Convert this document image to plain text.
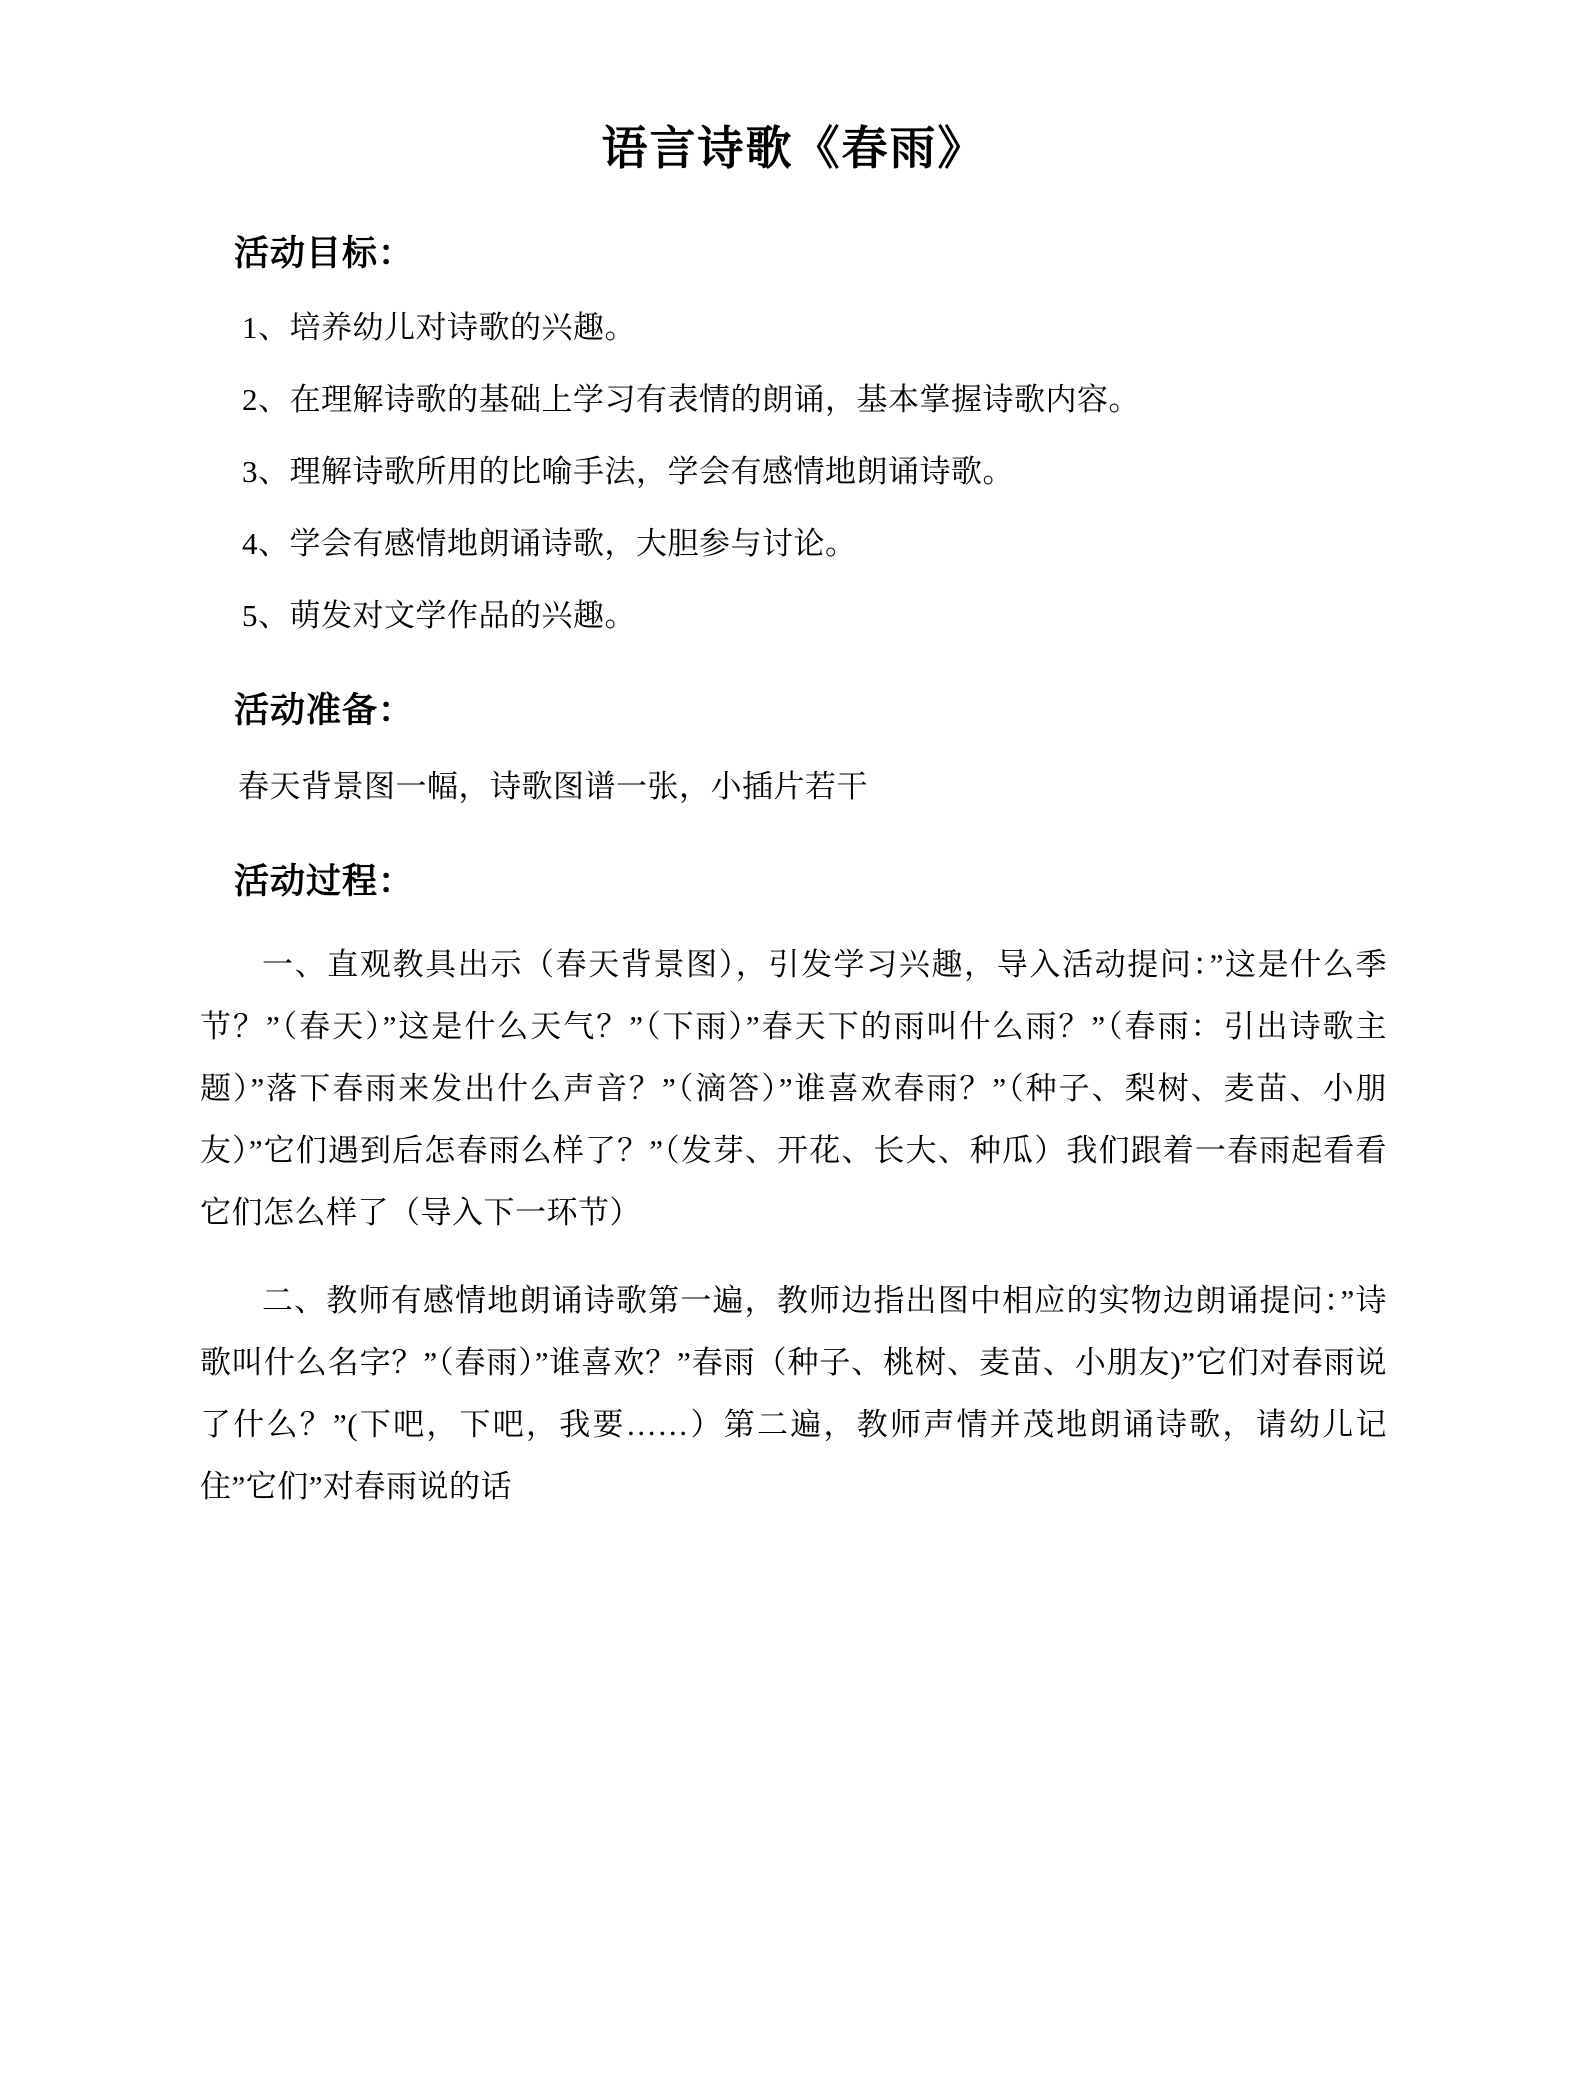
语言诗歌《春雨》
活动目标：

1、培养幼儿对诗歌的兴趣。

2、在理解诗歌的基础上学习有表情的朗诵，基本掌握诗歌内容。

3、理解诗歌所用的比喻手法，学会有感情地朗诵诗歌。

4、学会有感情地朗诵诗歌，大胆参与讨论。

5、萌发对文学作品的兴趣。

活动准备：

春天背景图一幅，诗歌图谱一张，小插片若干

活动过程：

一、直观教具出示（春天背景图），引发学习兴趣，导入活动提问：”这是什么季节？”（春天）”这是什么天气？”（下雨）”春天下的雨叫什么雨？”（春雨：引出诗歌主题）”落下春雨来发出什么声音？”（滴答）”谁喜欢春雨？”（种子、梨树、麦苗、小朋友）”它们遇到后怎春雨么样了？”（发芽、开花、长大、种瓜）我们跟着一春雨起看看它们怎么样了（导入下一环节）

二、教师有感情地朗诵诗歌第一遍，教师边指出图中相应的实物边朗诵提问：”诗歌叫什么名字？”（春雨）”谁喜欢？”春雨（种子、桃树、麦苗、小朋友)”它们对春雨说了什么？”(下吧，下吧，我要……）第二遍，教师声情并茂地朗诵诗歌，请幼儿记住”它们”对春雨说的话
